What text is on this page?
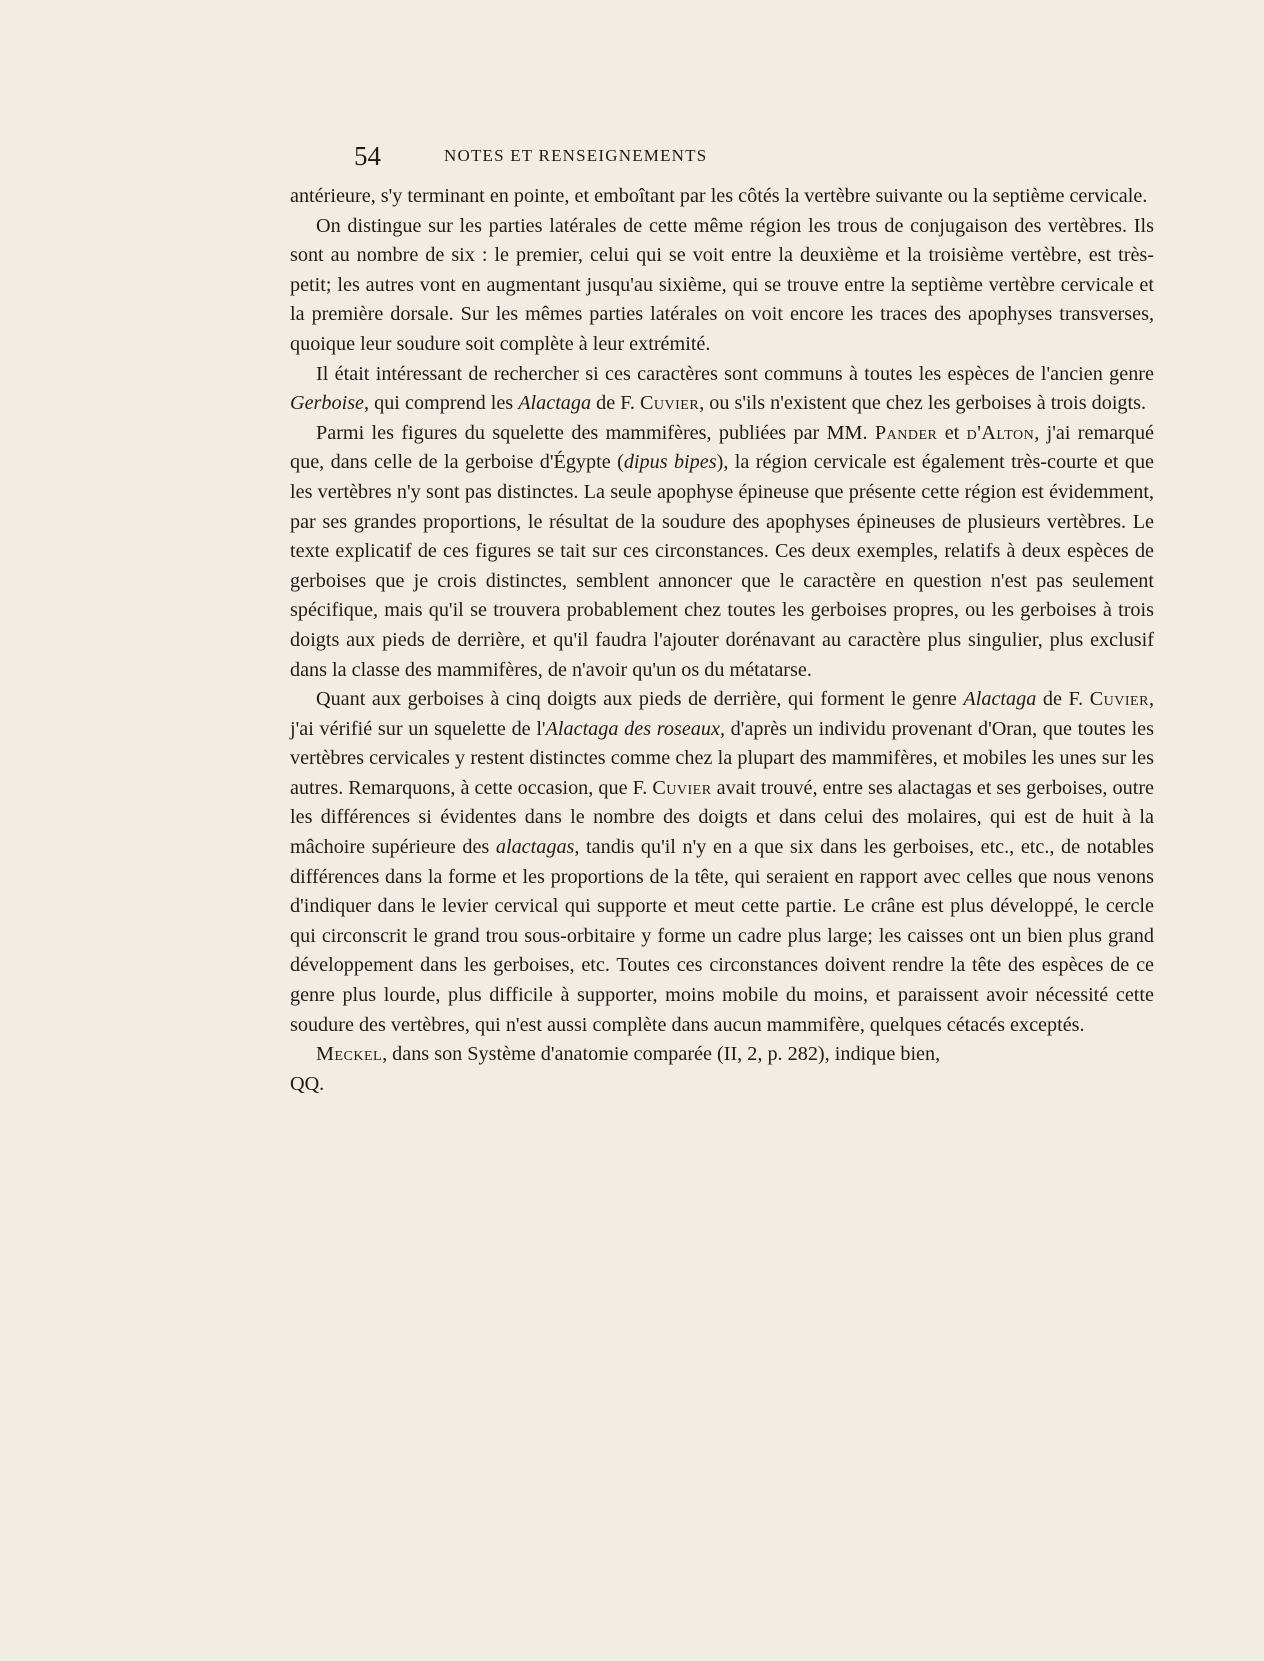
54	NOTES ET RENSEIGNEMENTS

antérieure, s'y terminant en pointe, et emboîtant par les côtés la vertèbre suivante ou la septième cervicale.

On distingue sur les parties latérales de cette même région les trous de conjugaison des vertèbres. Ils sont au nombre de six : le premier, celui qui se voit entre la deuxième et la troisième vertèbre, est très-petit; les autres vont en augmentant jusqu'au sixième, qui se trouve entre la septième vertèbre cervicale et la première dorsale. Sur les mêmes parties latérales on voit encore les traces des apophyses transverses, quoique leur soudure soit complète à leur extrémité.

Il était intéressant de rechercher si ces caractères sont communs à toutes les espèces de l'ancien genre Gerboise, qui comprend les Alactaga de F. Cuvier, ou s'ils n'existent que chez les gerboises à trois doigts.

Parmi les figures du squelette des mammifères, publiées par MM. Pander et d'Alton, j'ai remarqué que, dans celle de la gerboise d'Égypte (dipus bipes), la région cervicale est également très-courte et que les vertèbres n'y sont pas distinctes. La seule apophyse épineuse que présente cette région est évidemment, par ses grandes proportions, le résultat de la soudure des apophyses épineuses de plusieurs vertèbres. Le texte explicatif de ces figures se tait sur ces circonstances. Ces deux exemples, relatifs à deux espèces de gerboises que je crois distinctes, semblent annoncer que le caractère en question n'est pas seulement spécifique, mais qu'il se trouvera probablement chez toutes les gerboises propres, ou les gerboises à trois doigts aux pieds de derrière, et qu'il faudra l'ajouter dorénavant au caractère plus singulier, plus exclusif dans la classe des mammifères, de n'avoir qu'un os du métatarse.

Quant aux gerboises à cinq doigts aux pieds de derrière, qui forment le genre Alactaga de F. Cuvier, j'ai vérifié sur un squelette de l'Alactaga des roseaux, d'après un individu provenant d'Oran, que toutes les vertèbres cervicales y restent distinctes comme chez la plupart des mammifères, et mobiles les unes sur les autres. Remarquons, à cette occasion, que F. Cuvier avait trouvé, entre ses alactagas et ses gerboises, outre les différences si évidentes dans le nombre des doigts et dans celui des molaires, qui est de huit à la mâchoire supérieure des alactagas, tandis qu'il n'y en a que six dans les gerboises, etc., etc., de notables différences dans la forme et les proportions de la tête, qui seraient en rapport avec celles que nous venons d'indiquer dans le levier cervical qui supporte et meut cette partie. Le crâne est plus développé, le cercle qui circonscrit le grand trou sous-orbitaire y forme un cadre plus large; les caisses ont un bien plus grand développement dans les gerboises, etc. Toutes ces circonstances doivent rendre la tête des espèces de ce genre plus lourde, plus difficile à supporter, moins mobile du moins, et paraissent avoir nécessité cette soudure des vertèbres, qui n'est aussi complète dans aucun mammifère, quelques cétacés exceptés.

Meckel, dans son Système d'anatomie comparée (II, 2, p. 282), indique bien,

QQ.
